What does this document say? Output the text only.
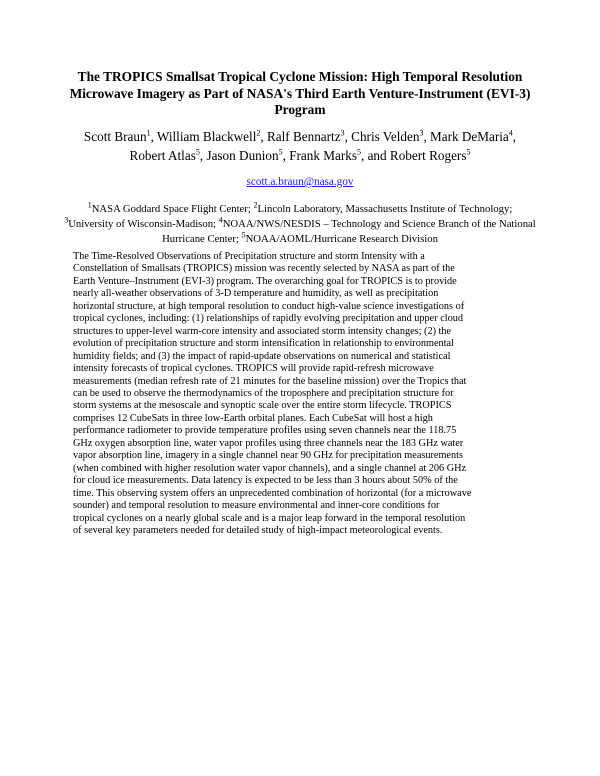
The TROPICS Smallsat Tropical Cyclone Mission: High Temporal Resolution Microwave Imagery as Part of NASA's Third Earth Venture-Instrument (EVI-3) Program
Scott Braun$^1$, William Blackwell$^2$, Ralf Bennartz$^3$, Chris Velden$^3$, Mark DeMaria$^4$,
Robert Atlas$^5$, Jason Dunion$^5$, Frank Marks$^5$, and Robert Rogers$^5$

scott.a.braun@nasa.gov

$^1$NASA Goddard Space Flight Center; $^2$Lincoln Laboratory, Massachusetts Institute of Technology; $^3$University of Wisconsin-Madison; $^4$NOAA/NWS/NESDIS – Technology and Science Branch of the National Hurricane Center; $^5$NOAA/AOML/Hurricane Research Division

The Time-Resolved Observations of Precipitation structure and storm Intensity with a
Constellation of Smallsats (TROPICS) mission was recently selected by NASA as part of the
Earth Venture–Instrument (EVI-3) program. The overarching goal for TROPICS is to provide
nearly all-weather observations of 3-D temperature and humidity, as well as precipitation
horizontal structure, at high temporal resolution to conduct high-value science investigations of
tropical cyclones, including: (1) relationships of rapidly evolving precipitation and upper cloud
structures to upper-level warm-core intensity and associated storm intensity changes; (2) the
evolution of precipitation structure and storm intensification in relationship to environmental
humidity fields; and (3) the impact of rapid-update observations on numerical and statistical
intensity forecasts of tropical cyclones. TROPICS will provide rapid-refresh microwave
measurements (median refresh rate of 21 minutes for the baseline mission) over the Tropics that
can be used to observe the thermodynamics of the troposphere and precipitation structure for
storm systems at the mesoscale and synoptic scale over the entire storm lifecycle. TROPICS
comprises 12 CubeSats in three low-Earth orbital planes. Each CubeSat will host a high
performance radiometer to provide temperature profiles using seven channels near the 118.75
GHz oxygen absorption line, water vapor profiles using three channels near the 183 GHz water
vapor absorption line, imagery in a single channel near 90 GHz for precipitation measurements
(when combined with higher resolution water vapor channels), and a single channel at 206 GHz
for cloud ice measurements. Data latency is expected to be less than 3 hours about 50% of the
time. This observing system offers an unprecedented combination of horizontal (for a microwave
sounder) and temporal resolution to measure environmental and inner-core conditions for
tropical cyclones on a nearly global scale and is a major leap forward in the temporal resolution
of several key parameters needed for detailed study of high-impact meteorological events.
